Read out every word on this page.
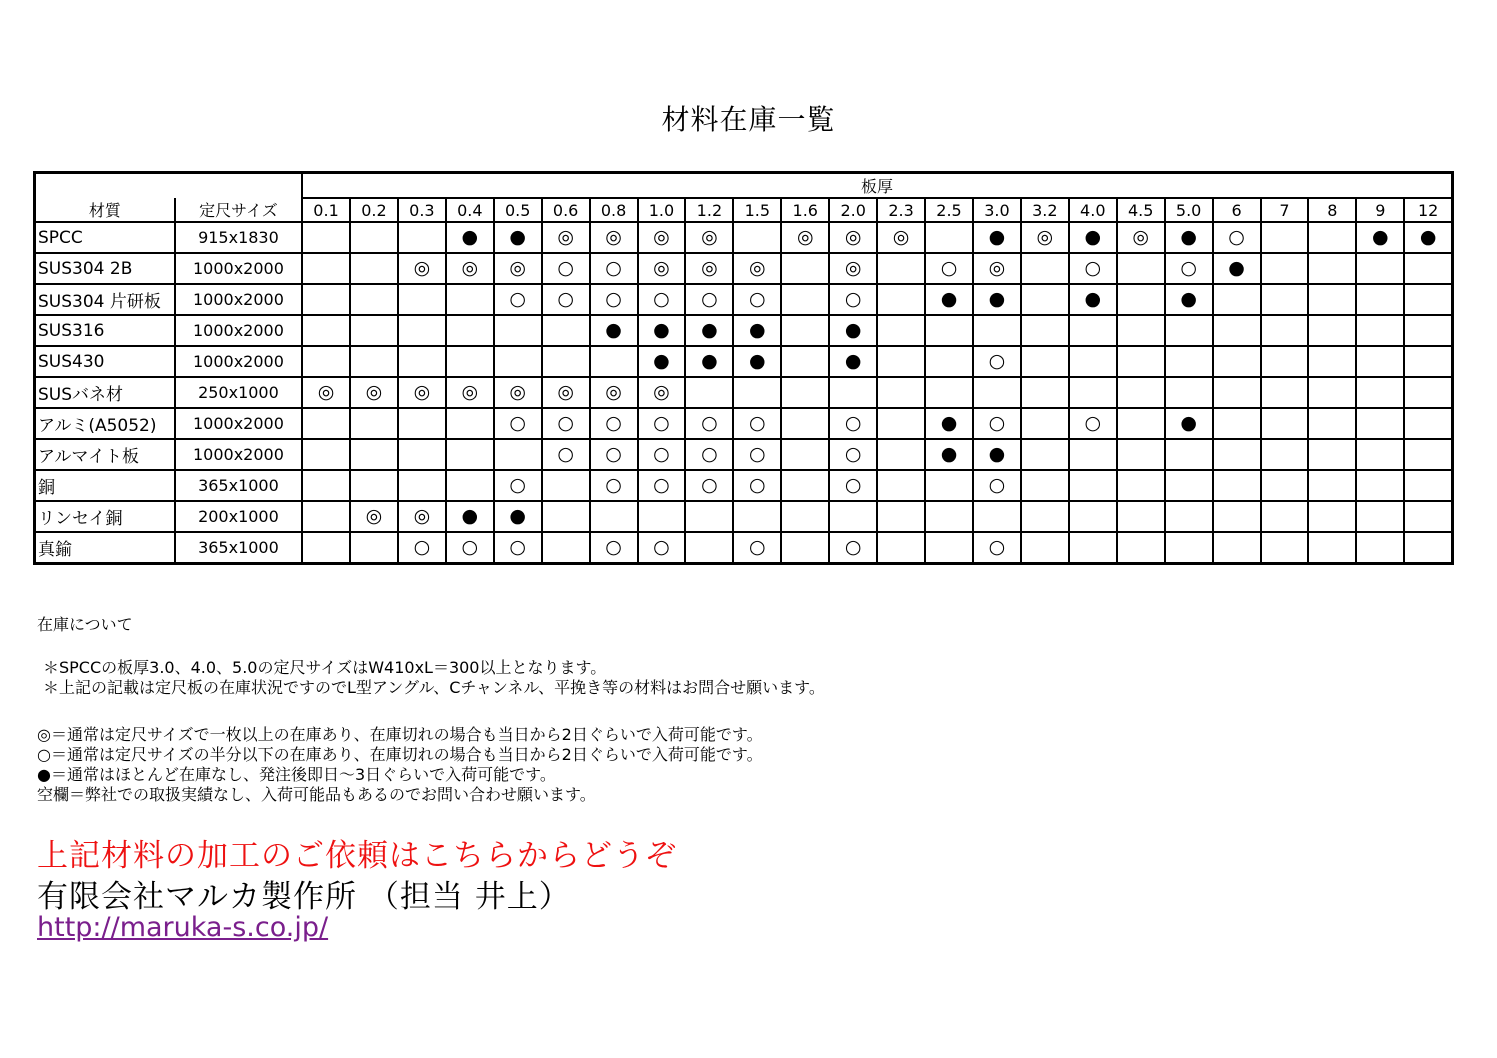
材料在庫一覧
		板厚																							
材質	定尺サイズ	0.1	0.2	0.3	0.4	0.5	0.6	0.8	1.0	1.2	1.5	1.6	2.0	2.3	2.5	3.0	3.2	4.0	4.5	5.0	6	7	8	9	12
SPCC	915x1830				●	●	◎	◎	◎	◎		◎	◎	◎		●	◎	●	◎	●	○			●	●
SUS304 2B	1000x2000			◎	◎	◎	○	○	◎	◎	◎		◎		○	◎		○		○	●				
SUS304 片研板	1000x2000					○	○	○	○	○	○		○		●	●		●		●					
SUS316	1000x2000							●	●	●	●		●												
SUS430	1000x2000								●	●	●		●			○									
SUSバネ材	250x1000	◎	◎	◎	◎	◎	◎	◎	◎																
アルミ(A5052)	1000x2000					○	○	○	○	○	○		○		●	○		○		●					
アルマイト板	1000x2000						○	○	○	○	○		○		●	●									
銅	365x1000					○		○	○	○	○		○			○									
リンセイ銅	200x1000		◎	◎	●	●																			
真鍮	365x1000			○	○	○		○	○		○		○			○									
在庫について
＊SPCCの板厚3.0、4.0、5.0の定尺サイズはW410xL＝300以上となります。
＊上記の記載は定尺板の在庫状況ですのでL型アングル、Cチャンネル、平挽き等の材料はお問合せ願います。
◎＝通常は定尺サイズで一枚以上の在庫あり、在庫切れの場合も当日から2日ぐらいで入荷可能です。
○＝通常は定尺サイズの半分以下の在庫あり、在庫切れの場合も当日から2日ぐらいで入荷可能です。
●＝通常はほとんど在庫なし、発注後即日～3日ぐらいで入荷可能です。
空欄＝弊社での取扱実績なし、入荷可能品もあるのでお問い合わせ願います。
上記材料の加工のご依頼はこちらからどうぞ
有限会社マルカ製作所 （担当 井上）
http://maruka-s.co.jp/
